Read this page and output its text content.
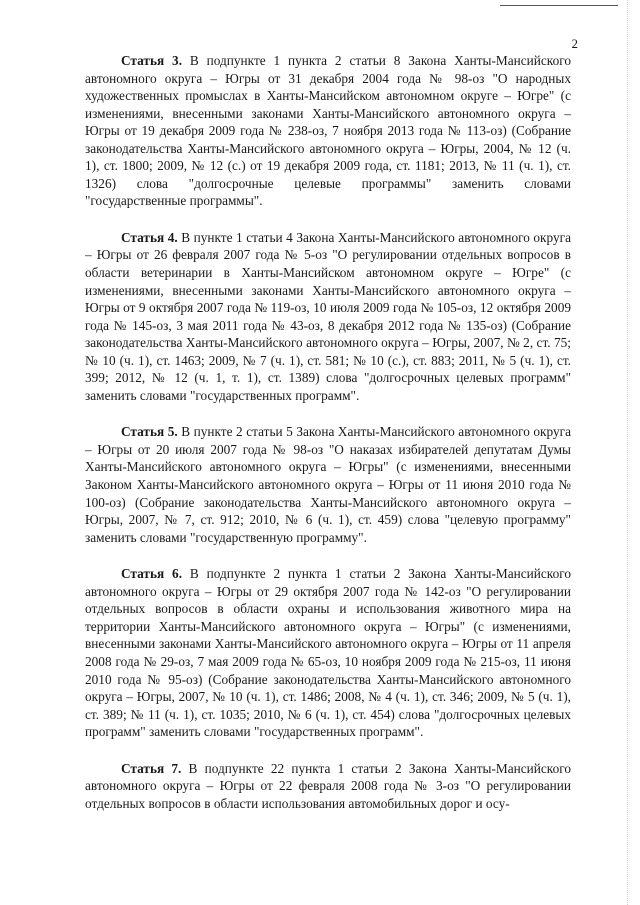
2

Статья 3. В подпункте 1 пункта 2 статьи 8 Закона Ханты-Мансийского автономного округа – Югры от 31 декабря 2004 года № 98-оз "О народных художественных промыслах в Ханты-Мансийском автономном округе – Югре" (с изменениями, внесенными законами Ханты-Мансийского автономного округа – Югры от 19 декабря 2009 года № 238-оз, 7 ноября 2013 года № 113-оз) (Собрание законодательства Ханты-Мансийского автономного округа – Югры, 2004, № 12 (ч. 1), ст. 1800; 2009, № 12 (с.) от 19 декабря 2009 года, ст. 1181; 2013, № 11 (ч. 1), ст. 1326) слова "долгосрочные целевые программы" заменить словами "государственные программы".

Статья 4. В пункте 1 статьи 4 Закона Ханты-Мансийского автономного округа – Югры от 26 февраля 2007 года № 5-оз "О регулировании отдельных вопросов в области ветеринарии в Ханты-Мансийском автономном округе – Югре" (с изменениями, внесенными законами Ханты-Мансийского автономного округа – Югры от 9 октября 2007 года № 119-оз, 10 июля 2009 года № 105-оз, 12 октября 2009 года № 145-оз, 3 мая 2011 года № 43-оз, 8 декабря 2012 года № 135-оз) (Собрание законодательства Ханты-Мансийского автономного округа – Югры, 2007, № 2, ст. 75; № 10 (ч. 1), ст. 1463; 2009, № 7 (ч. 1), ст. 581; № 10 (с.), ст. 883; 2011, № 5 (ч. 1), ст. 399; 2012, № 12 (ч. 1, т. 1), ст. 1389) слова "долгосрочных целевых программ" заменить словами "государственных программ".

Статья 5. В пункте 2 статьи 5 Закона Ханты-Мансийского автономного округа – Югры от 20 июля 2007 года № 98-оз "О наказах избирателей депутатам Думы Ханты-Мансийского автономного округа – Югры" (с изменениями, внесенными Законом Ханты-Мансийского автономного округа – Югры от 11 июня 2010 года № 100-оз) (Собрание законодательства Ханты-Мансийского автономного округа – Югры, 2007, № 7, ст. 912; 2010, № 6 (ч. 1), ст. 459) слова "целевую программу" заменить словами "государственную программу".

Статья 6. В подпункте 2 пункта 1 статьи 2 Закона Ханты-Мансийского автономного округа – Югры от 29 октября 2007 года № 142-оз "О регулировании отдельных вопросов в области охраны и использования животного мира на территории Ханты-Мансийского автономного округа – Югры" (с изменениями, внесенными законами Ханты-Мансийского автономного округа – Югры от 11 апреля 2008 года № 29-оз, 7 мая 2009 года № 65-оз, 10 ноября 2009 года № 215-оз, 11 июня 2010 года № 95-оз) (Собрание законодательства Ханты-Мансийского автономного округа – Югры, 2007, № 10 (ч. 1), ст. 1486; 2008, № 4 (ч. 1), ст. 346; 2009, № 5 (ч. 1), ст. 389; № 11 (ч. 1), ст. 1035; 2010, № 6 (ч. 1), ст. 454) слова "долгосрочных целевых программ" заменить словами "государственных программ".

Статья 7. В подпункте 22 пункта 1 статьи 2 Закона Ханты-Мансийского автономного округа – Югры от 22 февраля 2008 года № 3-оз "О регулировании отдельных вопросов в области использования автомобильных дорог и осу-
